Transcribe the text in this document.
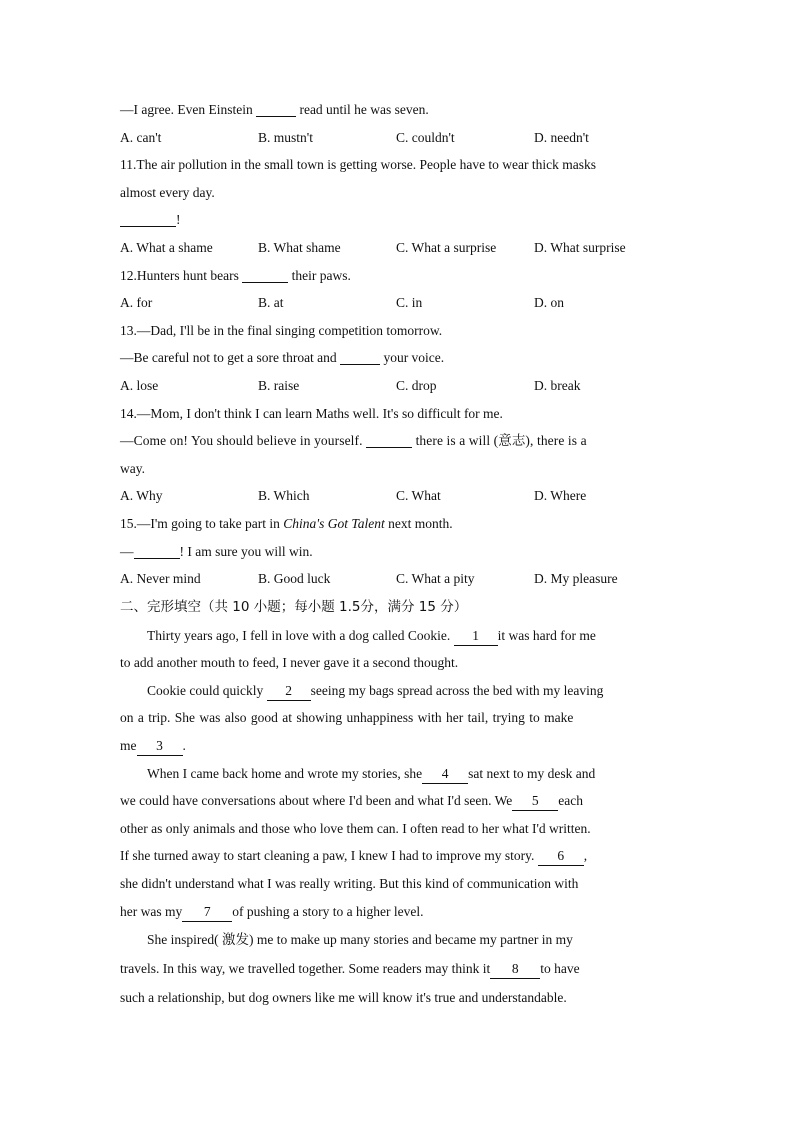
—I agree. Even Einstein	read until he was seven.
A. can't	B. mustn't	C. couldn't	D. needn't
11.The air pollution in the small town is getting worse. People have to wear thick masks
almost every day.
!
A. What a shame	B. What shame	C. What a surprise	D. What surprise
12.Hunters hunt bears	their paws.
A. for	B. at	C. in	D. on
13.—Dad, I'll be in the final singing competition tomorrow.
—Be careful not to get a sore throat and	your voice.
A. lose	B. raise	C. drop	D. break
14.—Mom, I don't think I can learn Maths well. It's so difficult for me.
—Come on! You should believe in yourself.	there is a will (意志), there is a
way.
A. Why	B. Which	C. What	D. Where
15.—I'm going to take part in China's Got Talent next month.
—	! I am sure you will win.
A. Never mind	B. Good luck	C. What a pity	D. My pleasure
二、完形填空（共 10 小题；每小题 1.5分，满分 15 分）
Thirty years ago, I fell in love with a dog called Cookie. 1 it was hard for me
to add another mouth to feed, I never gave it a second thought.
Cookie could quickly 2 seeing my bags spread across the bed with my leaving
on a trip. She was also good at showing unhappiness with her tail, trying to make
me 3 .
When I came back home and wrote my stories, she 4 sat next to my desk and
we could have conversations about where I'd been and what I'd seen. We 5 each
other as only animals and those who love them can. I often read to her what I'd written.
If she turned away to start cleaning a paw, I knew I had to improve my story. 6 ,
she didn't understand what I was really writing. But this kind of communication with
her was my 7 of pushing a story to a higher level.
She inspired( 激发) me to make up many stories and became my partner in my
travels. In this way, we travelled together. Some readers may think it 8 to have
such a relationship, but dog owners like me will know it's true and understandable.
